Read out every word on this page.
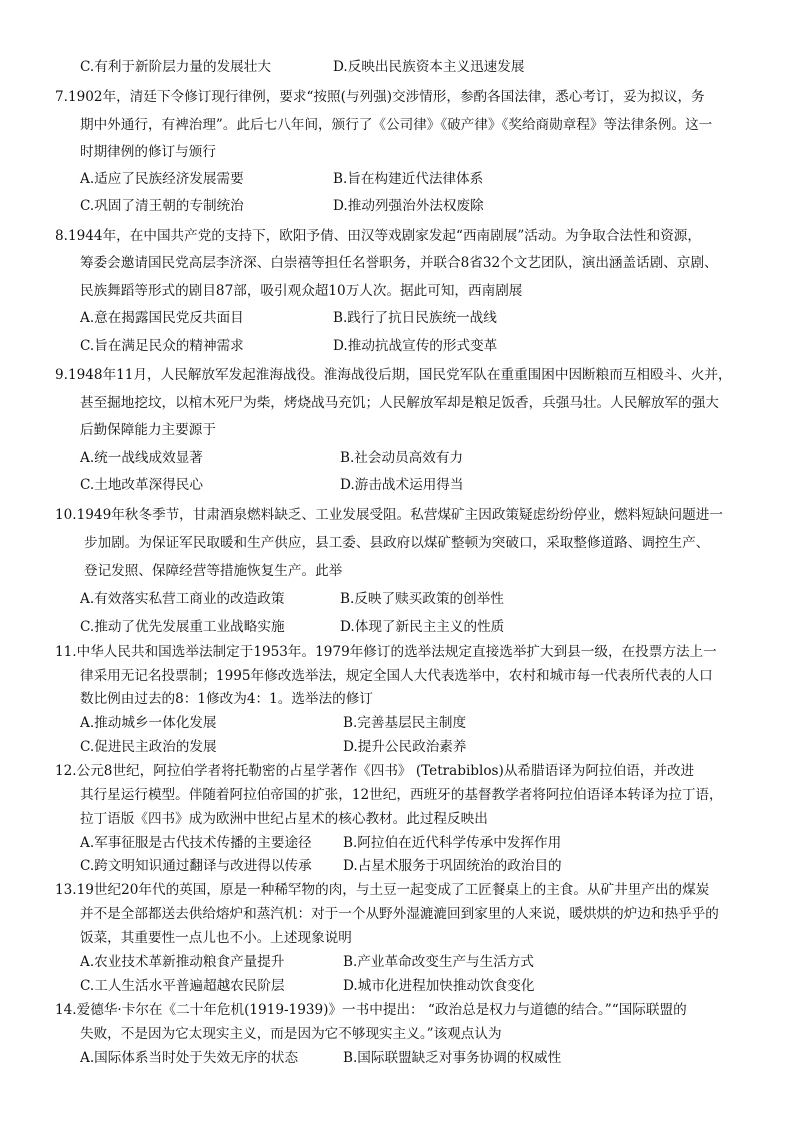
C.有利于新阶层力量的发展壮大	D.反映出民族资本主义迅速发展
7.1902年，清廷下令修订现行律例，要求“按照(与列强)交涉情形，参酌各国法律，悉心考订，妥为拟议，务
期中外通行，有裨治理”。此后七八年间，颁行了《公司律》《破产律》《奖给商勋章程》等法律条例。这一
时期律例的修订与颁行
A.适应了民族经济发展需要	B.旨在构建近代法律体系
C.巩固了清王朝的专制统治	D.推动列强治外法权废除
8.1944年，在中国共产党的支持下，欧阳予倩、田汉等戏剧家发起“西南剧展”活动。为争取合法性和资源，
筹委会邀请国民党高层李济深、白崇禧等担任名誉职务，并联合8省32个文艺团队，演出涵盖话剧、京剧、
民族舞蹈等形式的剧目87部，吸引观众超10万人次。据此可知，西南剧展
A.意在揭露国民党反共面目	B.践行了抗日民族统一战线
C.旨在满足民众的精神需求	D.推动抗战宣传的形式变革
9.1948年11月，人民解放军发起淮海战役。淮海战役后期，国民党军队在重重围困中因断粮而互相殴斗、火并，
甚至掘地挖坟，以棺木死尸为柴，烤烧战马充饥；人民解放军却是粮足饭香，兵强马壮。人民解放军的强大
后勤保障能力主要源于
A.统一战线成效显著	B.社会动员高效有力
C.土地改革深得民心	D.游击战术运用得当
10.1949年秋冬季节，甘肃酒泉燃料缺乏、工业发展受阻。私营煤矿主因政策疑虑纷纷停业，燃料短缺问题进一
步加剧。为保证军民取暖和生产供应，县工委、县政府以煤矿整顿为突破口，采取整修道路、调控生产、
登记发照、保障经营等措施恢复生产。此举
A.有效落实私营工商业的改造政策	B.反映了赎买政策的创举性
C.推动了优先发展重工业战略实施	D.体现了新民主主义的性质
11.中华人民共和国选举法制定于1953年。1979年修订的选举法规定直接选举扩大到县一级，在投票方法上一
律采用无记名投票制；1995年修改选举法，规定全国人大代表选举中，农村和城市每一代表所代表的人口
数比例由过去的8：1修改为4：1。选举法的修订
A.推动城乡一体化发展	B.完善基层民主制度
C.促进民主政治的发展	D.提升公民政治素养
12.公元8世纪，阿拉伯学者将托勒密的占星学著作《四书》 (Tetrabiblos)从希腊语译为阿拉伯语，并改进
其行星运行模型。伴随着阿拉伯帝国的扩张，12世纪，西班牙的基督教学者将阿拉伯语译本转译为拉丁语，
拉丁语版《四书》成为欧洲中世纪占星术的核心教材。此过程反映出
A.军事征服是古代技术传播的主要途径 B.阿拉伯在近代科学传承中发挥作用
C.跨文明知识通过翻译与改进得以传承 D.占星术服务于巩固统治的政治目的
13.19世纪20年代的英国，原是一种稀罕物的肉，与土豆一起变成了工匠餐桌上的主食。从矿井里产出的煤炭
并不是全部都送去供给熔炉和蒸汽机：对于一个从野外湿漉漉回到家里的人来说，暖烘烘的炉边和热乎乎的
饭菜，其重要性一点儿也不小。上述现象说明
A.农业技术革新推动粮食产量提升	B.产业革命改变生产与生活方式
C.工人生活水平普遍超越农民阶层	D.城市化进程加快推动饮食变化
14.爱德华·卡尔在《二十年危机(1919-1939)》一书中提出： “政治总是权力与道德的结合。”“国际联盟的
失败，不是因为它太现实主义，而是因为它不够现实主义。”该观点认为
A.国际体系当时处于失效无序的状态	B.国际联盟缺乏对事务协调的权威性
